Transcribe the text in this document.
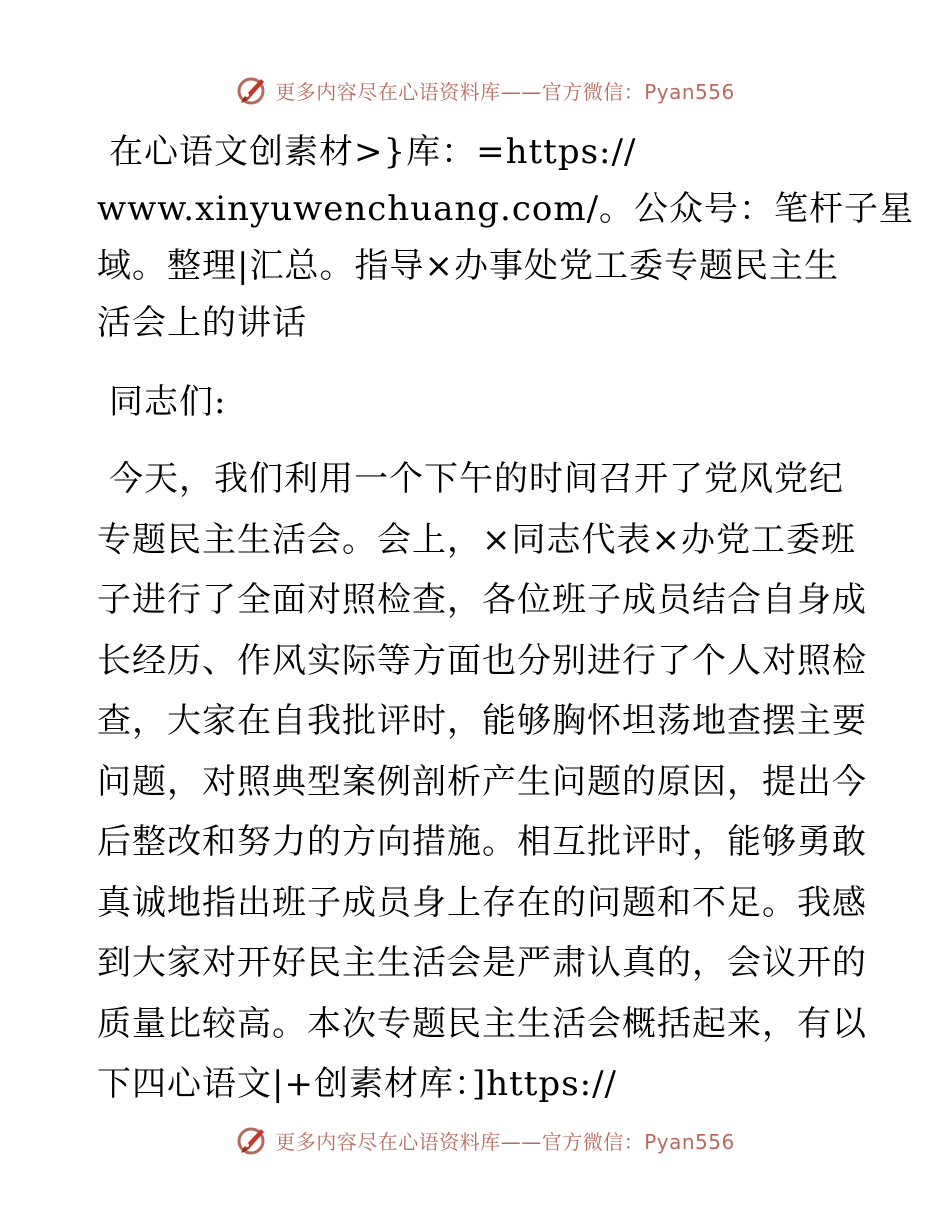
更多内容尽在心语资料库——官方微信：Pyan556

在心语文创素材>}库：=https://
www.xinyuwenchuang.com/。公众号：笔杆子星
域。整理|汇总。指导×办事处党工委专题民主生
活会上的讲话

同志们:

今天，我们利用一个下午的时间召开了党风党纪
专题民主生活会。会上，×同志代表×办党工委班
子进行了全面对照检查，各位班子成员结合自身成
长经历、作风实际等方面也分别进行了个人对照检
查，大家在自我批评时，能够胸怀坦荡地查摆主要
问题，对照典型案例剖析产生问题的原因，提出今
后整改和努力的方向措施。相互批评时，能够勇敢
真诚地指出班子成员身上存在的问题和不足。我感
到大家对开好民主生活会是严肃认真的，会议开的
质量比较高。本次专题民主生活会概括起来，有以
下四心语文|+创素材库：]https://

更多内容尽在心语资料库——官方微信：Pyan556
